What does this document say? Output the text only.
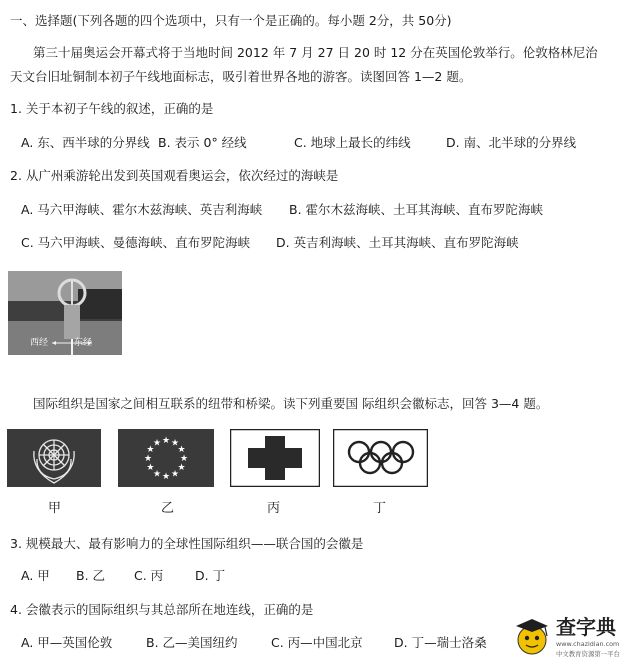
一、选择题(下列各题的四个选项中，只有一个是正确的。每小题 2分，共 50分)
第三十届奥运会开幕式将于当地时间 2012 年 7 月 27 日 20 时 12 分在英国伦敦举行。伦敦格林尼治
天文台旧址铜制本初子午线地面标志，吸引着世界各地的游客。读图回答 1—2 题。
1. 关于本初子午线的叙述，正确的是
A. 东、西半球的分界线 B. 表示 0° 经线	C. 地球上最长的纬线	D. 南、北半球的分界线
2. 从广州乘游轮出发到英国观看奥运会，依次经过的海峡是
A. 马六甲海峡、霍尔木兹海峡、英吉利海峡 B. 霍尔木兹海峡、土耳其海峡、直布罗陀海峡
C. 马六甲海峡、曼德海峡、直布罗陀海峡 D. 英吉利海峡、土耳其海峡、直布罗陀海峡
西经	东经
国际组织是国家之间相互联系的纽带和桥梁。读下列重要国 际组织会徽标志，回答 3—4 题。
★
★
★
★
★
★
★
★
★ ★ ★
★
甲	乙	丙	丁
3. 规模最大、最有影响力的全球性国际组织——联合国的会徽是
A. 甲 B. 乙 C. 丙	D. 丁
4. 会徽表示的国际组织与其总部所在地连线，正确的是
A. 甲—英国伦敦	B. 乙—美国纽约	C. 丙—中国北京	D. 丁—瑞士洛桑
查字典
www.chazidian.com
中文教育资源第一平台
